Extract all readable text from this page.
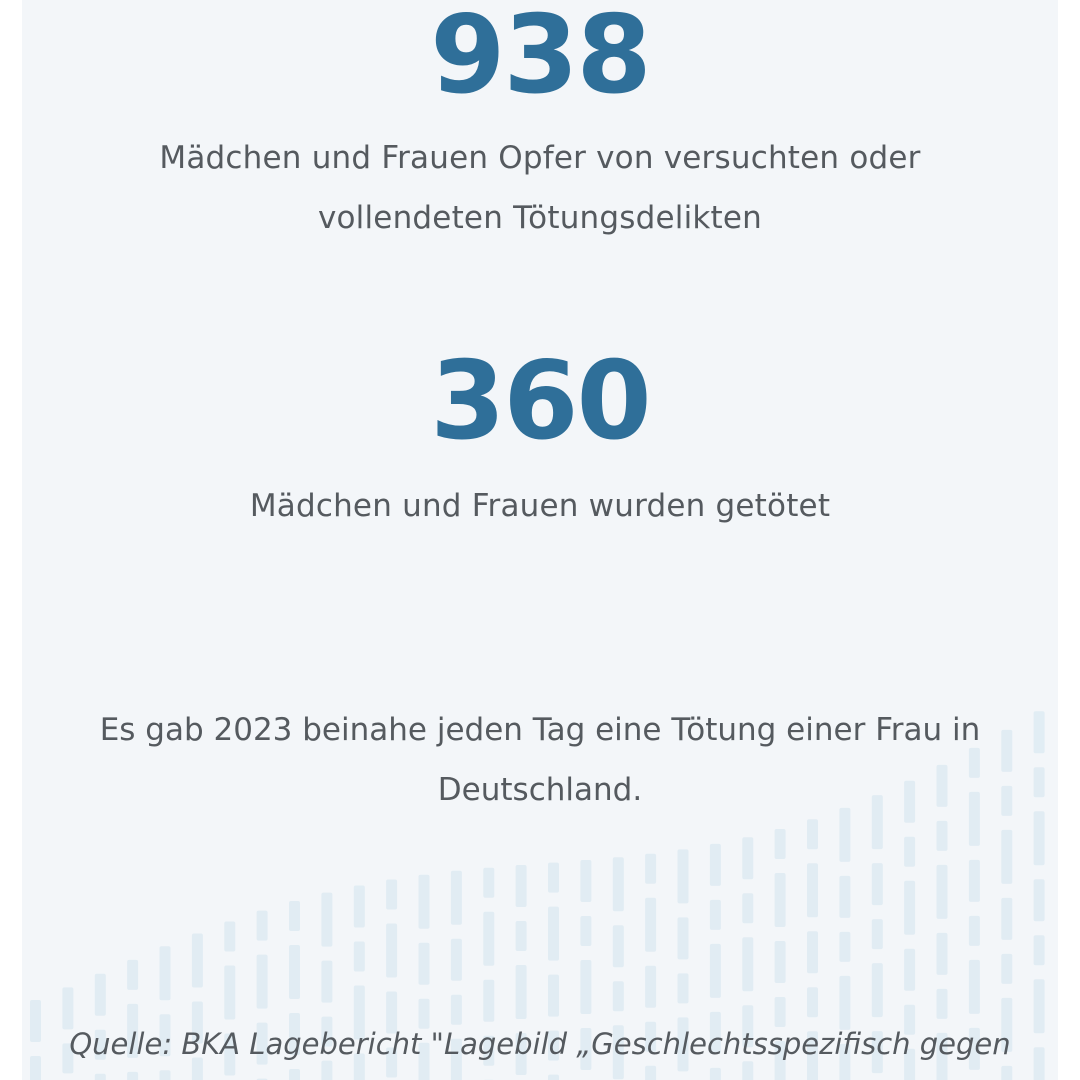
938
Mädchen und Frauen Opfer von versuchten oder vollendeten Tötungsdelikten
360
Mädchen und Frauen wurden getötet
Es gab 2023 beinahe jeden Tag eine Tötung einer Frau in Deutschland.
Quelle: BKA Lagebericht "Lagebild „Geschlechtsspezifisch gegen
